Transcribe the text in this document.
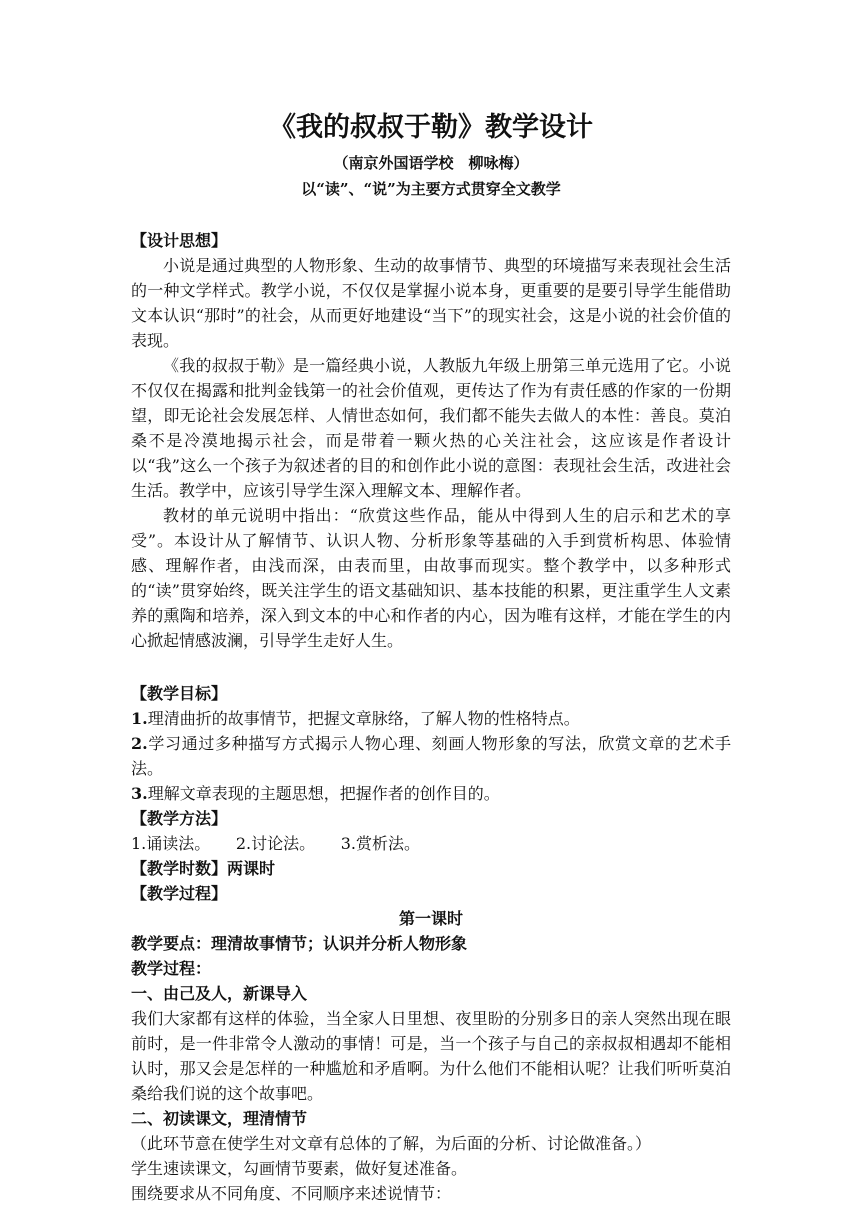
《我的叔叔于勒》教学设计

（南京外国语学校　柳咏梅）

以“读”、“说”为主要方式贯穿全文教学

【设计思想】

小说是通过典型的人物形象、生动的故事情节、典型的环境描写来表现社会生活的一种文学样式。教学小说，不仅仅是掌握小说本身，更重要的是要引导学生能借助文本认识“那时”的社会，从而更好地建设“当下”的现实社会，这是小说的社会价值的表现。

《我的叔叔于勒》是一篇经典小说，人教版九年级上册第三单元选用了它。小说不仅仅在揭露和批判金钱第一的社会价值观，更传达了作为有责任感的作家的一份期望，即无论社会发展怎样、人情世态如何，我们都不能失去做人的本性：善良。莫泊桑不是冷漠地揭示社会，而是带着一颗火热的心关注社会，这应该是作者设计以“我”这么一个孩子为叙述者的目的和创作此小说的意图：表现社会生活，改进社会生活。教学中，应该引导学生深入理解文本、理解作者。

教材的单元说明中指出：“欣赏这些作品，能从中得到人生的启示和艺术的享受”。本设计从了解情节、认识人物、分析形象等基础的入手到赏析构思、体验情感、理解作者，由浅而深，由表而里，由故事而现实。整个教学中，以多种形式的“读”贯穿始终，既关注学生的语文基础知识、基本技能的积累，更注重学生人文素养的熏陶和培养，深入到文本的中心和作者的内心，因为唯有这样，才能在学生的内心掀起情感波澜，引导学生走好人生。

【教学目标】

1.理清曲折的故事情节，把握文章脉络，了解人物的性格特点。

2.学习通过多种描写方式揭示人物心理、刻画人物形象的写法，欣赏文章的艺术手法。

3.理解文章表现的主题思想，把握作者的创作目的。

【教学方法】

1.诵读法。 2.讨论法。 3.赏析法。

【教学时数】两课时

【教学过程】

第一课时

教学要点：理清故事情节；认识并分析人物形象

教学过程：

一、由己及人，新课导入

我们大家都有这样的体验，当全家人日里想、夜里盼的分别多日的亲人突然出现在眼前时，是一件非常令人激动的事情！可是，当一个孩子与自己的亲叔叔相遇却不能相认时，那又会是怎样的一种尴尬和矛盾啊。为什么他们不能相认呢？让我们听听莫泊桑给我们说的这个故事吧。

二、初读课文，理清情节

（此环节意在使学生对文章有总体的了解，为后面的分析、讨论做准备。）

学生速读课文，勾画情节要素，做好复述准备。

围绕要求从不同角度、不同顺序来述说情节：
